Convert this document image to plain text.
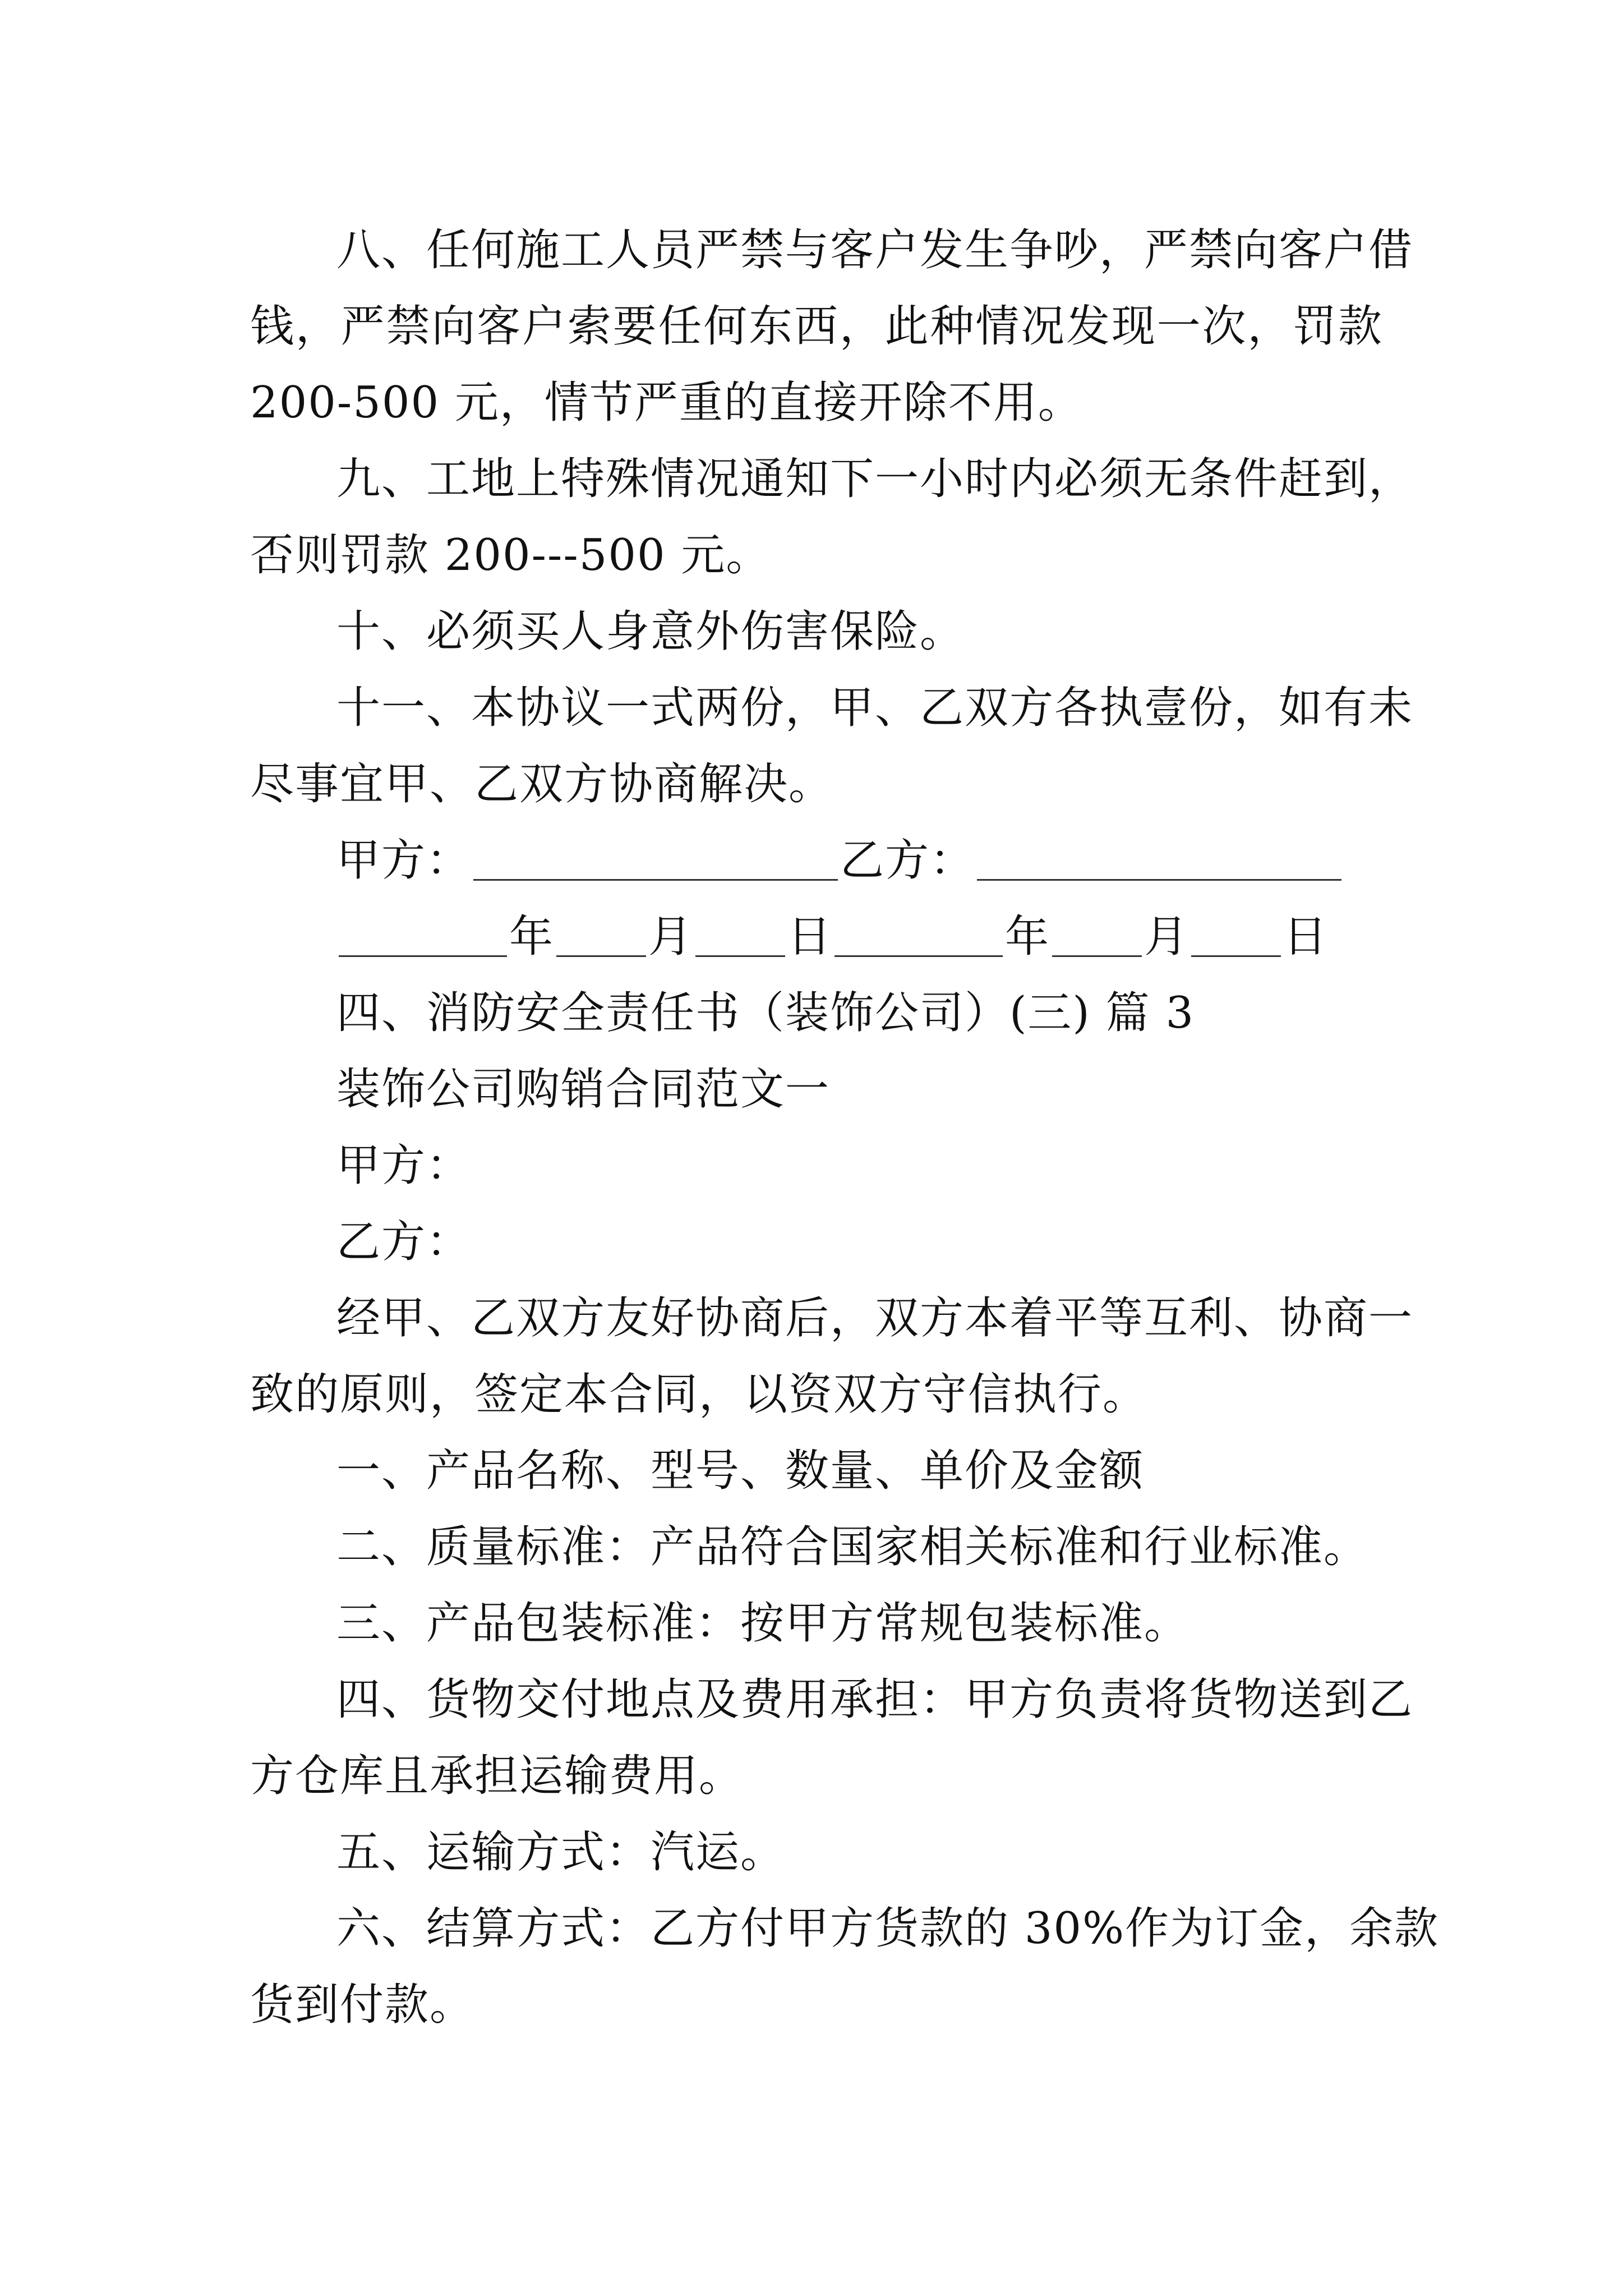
八、任何施工人员严禁与客户发生争吵，严禁向客户借
钱，严禁向客户索要任何东西，此种情况发现一次，罚款
200-500 元，情节严重的直接开除不用。
九、工地上特殊情况通知下一小时内必须无条件赶到，
否则罚款 200---500 元。
十、必须买人身意外伤害保险。
十一、本协议一式两份，甲、乙双方各执壹份，如有未
尽事宜甲、乙双方协商解决。
甲方：	乙方：
年 月 日	年 月 日
四、消防安全责任书（装饰公司）(三) 篇 3
装饰公司购销合同范文一
甲方：
乙方：
经甲、乙双方友好协商后，双方本着平等互利、协商一
致的原则，签定本合同，以资双方守信执行。
一、产品名称、型号、数量、单价及金额
二、质量标准：产品符合国家相关标准和行业标准。
三、产品包装标准：按甲方常规包装标准。
四、货物交付地点及费用承担：甲方负责将货物送到乙
方仓库且承担运输费用。
五、运输方式：汽运。
六、结算方式：乙方付甲方货款的 30%作为订金，余款
货到付款。
